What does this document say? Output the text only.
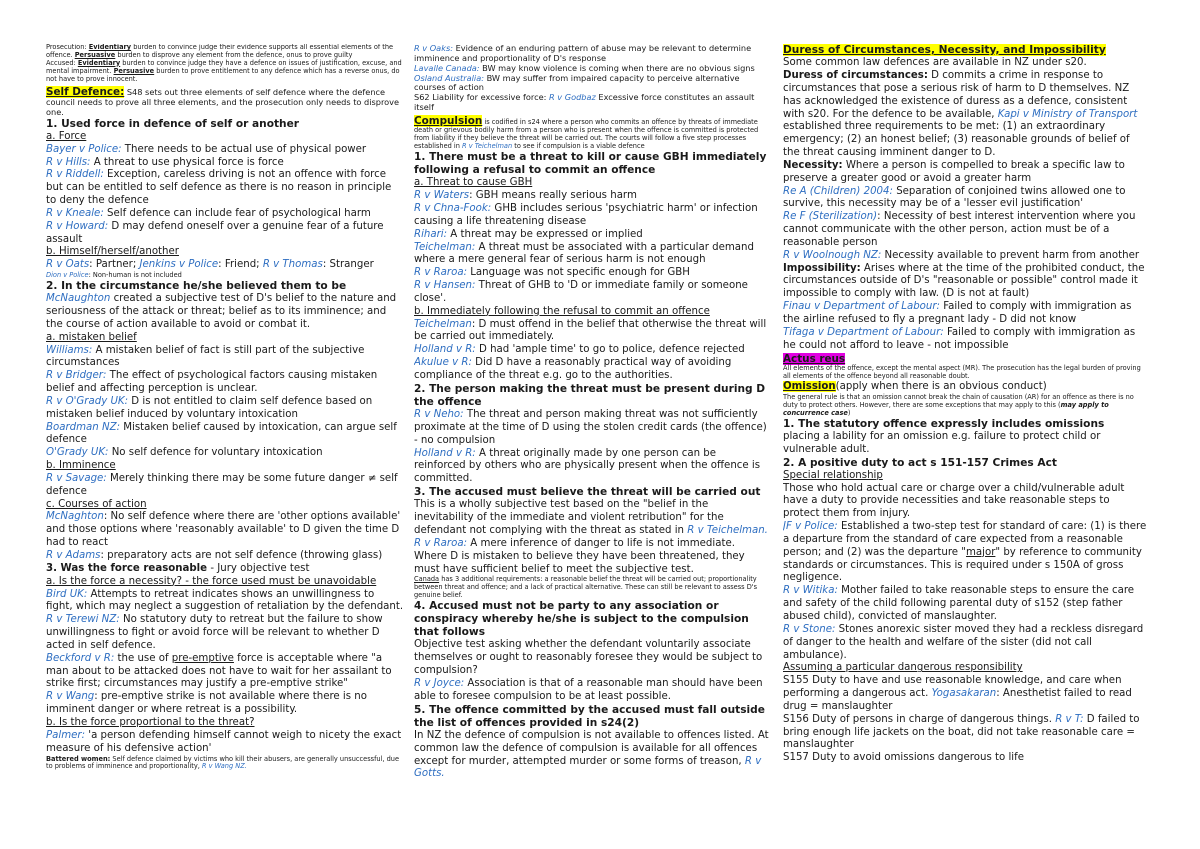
Prosecution: Evidentiary burden to convince judge their evidence supports all essential elements of the offence. Persuasive burden to disprove any element from the defence, onus to prove guilty
Accused: Evidentiary burden to convince judge they have a defence on issues of justification, excuse, and mental impairment. Persuasive burden to prove entitlement to any defence which has a reverse onus, do not have to prove innocent.

Self Defence: S48 sets out three elements of self defence where the defence council needs to prove all three elements, and the prosecution only needs to disprove one.

1. Used force in defence of self or another

a. Force

Bayer v Police: There needs to be actual use of physical power

R v Hills: A threat to use physical force is force

R v Riddell: Exception, careless driving is not an offence with force but can be entitled to self defence as there is no reason in principle to deny the defence

R v Kneale: Self defence can include fear of psychological harm

R v Howard: D may defend oneself over a genuine fear of a future assault

b. Himself/herself/another

R v Oats: Partner; Jenkins v Police: Friend; R v Thomas: Stranger

Dion v Police: Non-human is not included

2. In the circumstance he/she believed them to be

McNaughton created a subjective test of D's belief to the nature and seriousness of the attack or threat; belief as to its imminence; and the course of action available to avoid or combat it.

a. mistaken belief

Williams: A mistaken belief of fact is still part of the subjective circumstances

R v Bridger: The effect of psychological factors causing mistaken belief and affecting perception is unclear.

R v O'Grady UK: D is not entitled to claim self defence based on mistaken belief induced by voluntary intoxication

Boardman NZ: Mistaken belief caused by intoxication, can argue self defence

O'Grady UK: No self defence for voluntary intoxication

b. Imminence

R v Savage: Merely thinking there may be some future danger ≠ self defence

c. Courses of action

McNaghton: No self defence where there are 'other options available' and those options where 'reasonably available' to D given the time D had to react

R v Adams: preparatory acts are not self defence (throwing glass)

3. Was the force reasonable - Jury objective test

a. Is the force a necessity? - the force used must be unavoidable

Bird UK: Attempts to retreat indicates shows an unwillingness to fight, which may neglect a suggestion of retaliation by the defendant.

R v Terewi NZ: No statutory duty to retreat but the failure to show unwillingness to fight or avoid force will be relevant to whether D acted in self defence.

Beckford v R: the use of pre-emptive force is acceptable where "a man about to be attacked does not have to wait for her assailant to strike first; circumstances may justify a pre-emptive strike"

R v Wang: pre-emptive strike is not available where there is no imminent danger or where retreat is a possibility.

b. Is the force proportional to the threat?

Palmer: 'a person defending himself cannot weigh to nicety the exact measure of his defensive action'

Battered women: Self defence claimed by victims who kill their abusers, are generally unsuccessful, due to problems of imminence and proportionality, R v Wang NZ.

R v Oaks: Evidence of an enduring pattern of abuse may be relevant to determine imminence and proportionality of D's response

Lavalle Canada: BW may know violence is coming when there are no obvious signs

Osland Australia: BW may suffer from impaired capacity to perceive alternative courses of action

S62 Liability for excessive force: R v Godbaz Excessive force constitutes an assault itself

Compulsion is codified in s24 where a person who commits an offence by threats of immediate death or grievous bodily harm from a person who is present when the offence is committed is protected from liability if they believe the threat will be carried out. The courts will follow a five step processes established in R v Teichelman to see if compulsion is a viable defence

1. There must be a threat to kill or cause GBH immediately following a refusal to commit an offence

a. Threat to cause GBH

R v Waters: GBH means really serious harm

R v Chna-Fook: GHB includes serious 'psychiatric harm' or infection causing a life threatening disease

Rihari: A threat may be expressed or implied

Teichelman: A threat must be associated with a particular demand where a mere general fear of serious harm is not enough

R v Raroa: Language was not specific enough for GBH

R v Hansen: Threat of GHB to 'D or immediate family or someone close'.

b. Immediately following the refusal to commit an offence

Teichelman: D must offend in the belief that otherwise the threat will be carried out immediately.

Holland v R: D had 'ample time' to go to police, defence rejected

Akulue v R: Did D have a reasonably practical way of avoiding compliance of the threat e.g. go to the authorities.

2. The person making the threat must be present during D the offence

R v Neho: The threat and person making threat was not sufficiently proximate at the time of D using the stolen credit cards (the offence) - no compulsion

Holland v R: A threat originally made by one person can be reinforced by others who are physically present when the offence is committed.

3. The accused must believe the threat will be carried out

This is a wholly subjective test based on the "belief in the inevitability of the immediate and violent retribution" for the defendant not complying with the threat as stated in R v Teichelman.

R v Raroa: A mere inference of danger to life is not immediate. Where D is mistaken to believe they have been threatened, they must have sufficient belief to meet the subjective test.

Canada has 3 additional requirements: a reasonable belief the threat will be carried out; proportionality between threat and offence; and a lack of practical alternative. These can still be relevant to assess D's genuine belief.

4. Accused must not be party to any association or conspiracy whereby he/she is subject to the compulsion that follows

Objective test asking whether the defendant voluntarily associate themselves or ought to reasonably foresee they would be subject to compulsion?

R v Joyce: Association is that of a reasonable man should have been able to foresee compulsion to be at least possible.

5. The offence committed by the accused must fall outside the list of offences provided in s24(2)

In NZ the defence of compulsion is not available to offences listed. At common law the defence of compulsion is available for all offences except for murder, attempted murder or some forms of treason, R v Gotts.

Duress of Circumstances, Necessity, and Impossibility

Some common law defences are available in NZ under s20.

Duress of circumstances: D commits a crime in response to circumstances that pose a serious risk of harm to D themselves. NZ has acknowledged the existence of duress as a defence, consistent with s20. For the defence to be available, Kapi v Ministry of Transport established three requirements to be met: (1) an extraordinary emergency; (2) an honest belief; (3) reasonable grounds of belief of the threat causing imminent danger to D.

Necessity: Where a person is compelled to break a specific law to preserve a greater good or avoid a greater harm

Re A (Children) 2004: Separation of conjoined twins allowed one to survive, this necessity may be of a 'lesser evil justification'

Re F (Sterilization): Necessity of best interest intervention where you cannot communicate with the other person, action must be of a reasonable person

R v Woolnough NZ: Necessity available to prevent harm from another

Impossibility: Arises where at the time of the prohibited conduct, the circumstances outside of D's "reasonable or possible" control made it impossible to comply with law. (D is not at fault)

Finau v Department of Labour: Failed to comply with immigration as the airline refused to fly a pregnant lady - D did not know

Tifaga v Department of Labour: Failed to comply with immigration as he could not afford to leave - not impossible

Actus reus

All elements of the offence, except the mental aspect (MR). The prosecution has the legal burden of proving all elements of the offence beyond all reasonable doubt.

Omission(apply when there is an obvious conduct)

The general rule is that an omission cannot break the chain of causation (AR) for an offence as there is no duty to protect others. However, there are some exceptions that may apply to this (may apply to concurrence case)

1. The statutory offence expressly includes omissions

placing a lability for an omission e.g. failure to protect child or vulnerable adult.

2. A positive duty to act s 151-157 Crimes Act

Special relationship

Those who hold actual care or charge over a child/vulnerable adult have a duty to provide necessities and take reasonable steps to protect them from injury.

JF v Police: Established a two-step test for standard of care: (1) is there a departure from the standard of care expected from a reasonable person; and (2) was the departure "major" by reference to community standards or circumstances. This is required under s 150A of gross negligence.

R v Witika: Mother failed to take reasonable steps to ensure the care and safety of the child following parental duty of s152 (step father abused child), convicted of manslaughter.

R v Stone: Stones anorexic sister moved they had a reckless disregard of danger to the health and welfare of the sister (did not call ambulance).

Assuming a particular dangerous responsibility

S155 Duty to have and use reasonable knowledge, and care when performing a dangerous act. Yogasakaran: Anesthetist failed to read drug = manslaughter

S156 Duty of persons in charge of dangerous things. R v T: D failed to bring enough life jackets on the boat, did not take reasonable care = manslaughter

S157 Duty to avoid omissions dangerous to life
